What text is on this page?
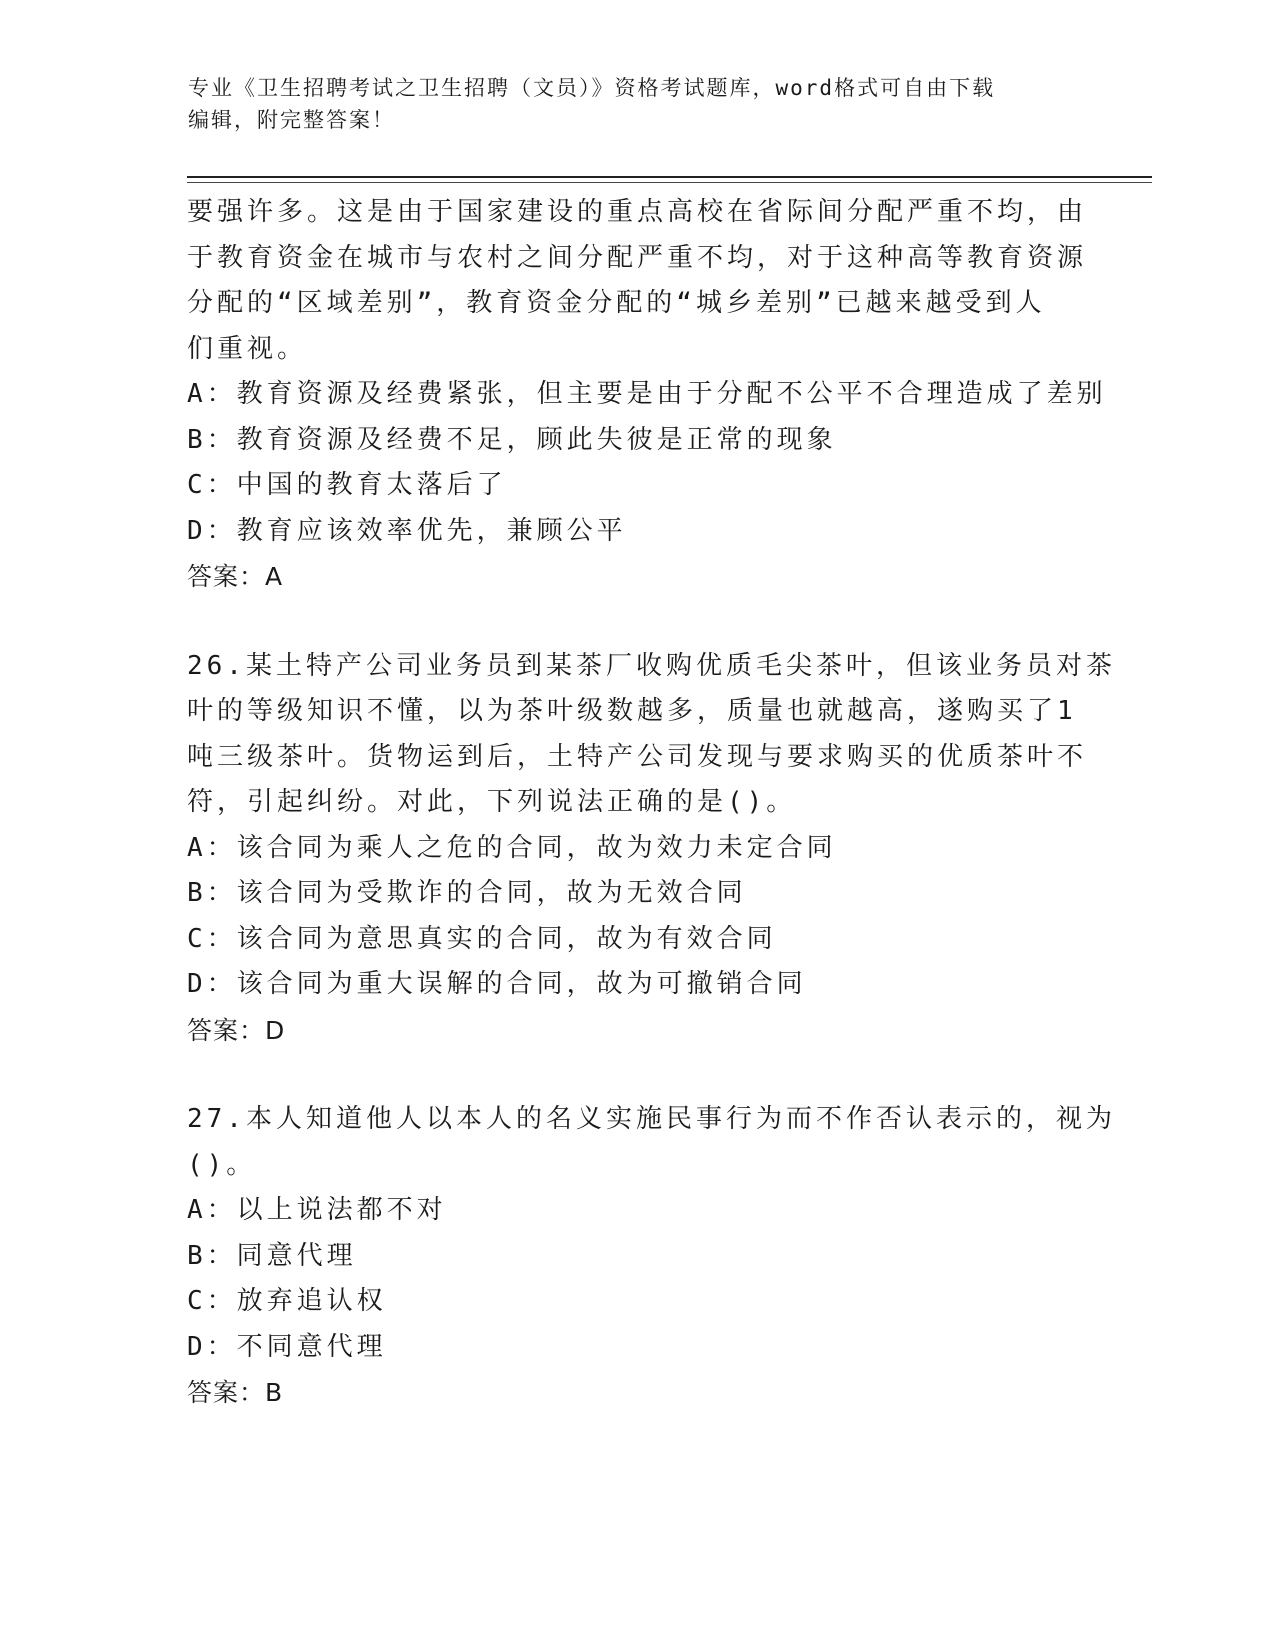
专业《卫生招聘考试之卫生招聘（文员）》资格考试题库，word格式可自由下载
编辑，附完整答案！
要强许多。这是由于国家建设的重点高校在省际间分配严重不均，由
于教育资金在城市与农村之间分配严重不均，对于这种高等教育资源
分配的“区域差别”，教育资金分配的“城乡差别”已越来越受到人
们重视。
A：教育资源及经费紧张，但主要是由于分配不公平不合理造成了差别
B：教育资源及经费不足，顾此失彼是正常的现象
C：中国的教育太落后了
D：教育应该效率优先，兼顾公平
答案：A
26.某土特产公司业务员到某茶厂收购优质毛尖茶叶，但该业务员对茶
叶的等级知识不懂，以为茶叶级数越多，质量也就越高，遂购买了1
吨三级茶叶。货物运到后，土特产公司发现与要求购买的优质茶叶不
符，引起纠纷。对此，下列说法正确的是()。
A：该合同为乘人之危的合同，故为效力未定合同
B：该合同为受欺诈的合同，故为无效合同
C：该合同为意思真实的合同，故为有效合同
D：该合同为重大误解的合同，故为可撤销合同
答案：D
27.本人知道他人以本人的名义实施民事行为而不作否认表示的，视为
()。
A：以上说法都不对
B：同意代理
C：放弃追认权
D：不同意代理
答案：B
